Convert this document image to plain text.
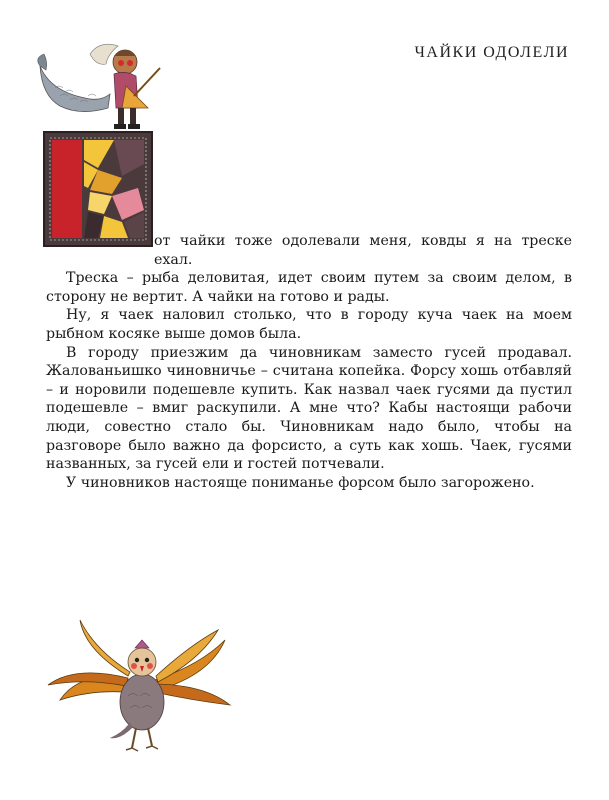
ЧАЙКИ ОДОЛЕЛИ

от чайки тоже одолевали меня, ковды я на треске ехал.

Треска – рыба деловитая, идет своим путем за своим делом, в сторону не вертит. А чайки на готово и рады.

Ну, я чаек наловил столько, что в городу куча чаек на моем рыбном косяке выше домов была.

В городу приезжим да чиновникам заместо гусей продавал. Жалованьишко чиновничье – считана копейка. Форсу хошь отбавляй – и норовили подешевле купить. Как назвал чаек гусями да пустил подешевле – вмиг раскупили. А мне что? Кабы настоящи рабочи люди, совестно стало бы. Чиновникам надо было, чтобы на разговоре было важно да форсисто, а суть как хошь. Чаек, гусями названных, за гусей ели и гостей потчевали.

У чиновников настояще пониманье форсом было загорожено.
